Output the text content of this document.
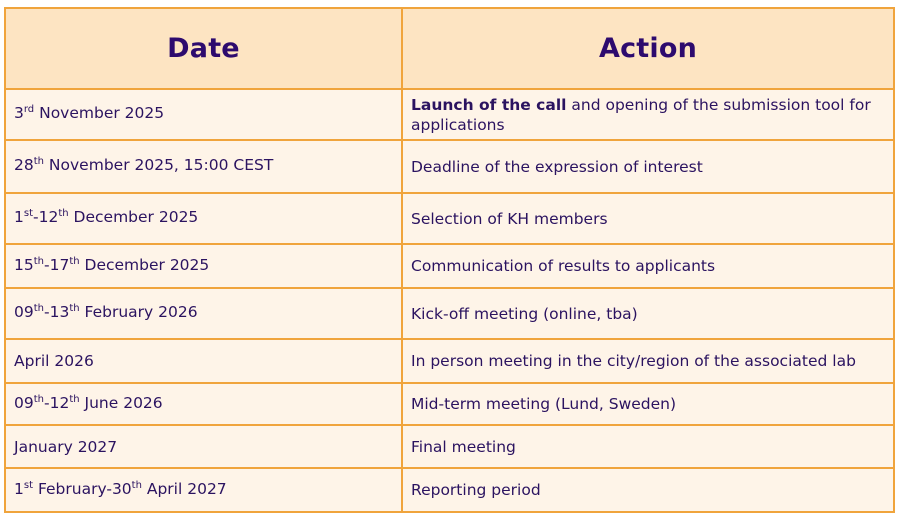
Date	Action
3rd November 2025	Launch of the call and opening of the submission tool for applications
28th November 2025, 15:00 CEST	Deadline of the expression of interest
1st-12th December 2025	Selection of KH members
15th-17th December 2025	Communication of results to applicants
09th-13th February 2026	Kick-off meeting (online, tba)
April 2026	In person meeting in the city/region of the associated lab
09th-12th June 2026	Mid-term meeting (Lund, Sweden)
January 2027	Final meeting
1st February-30th April 2027	Reporting period
